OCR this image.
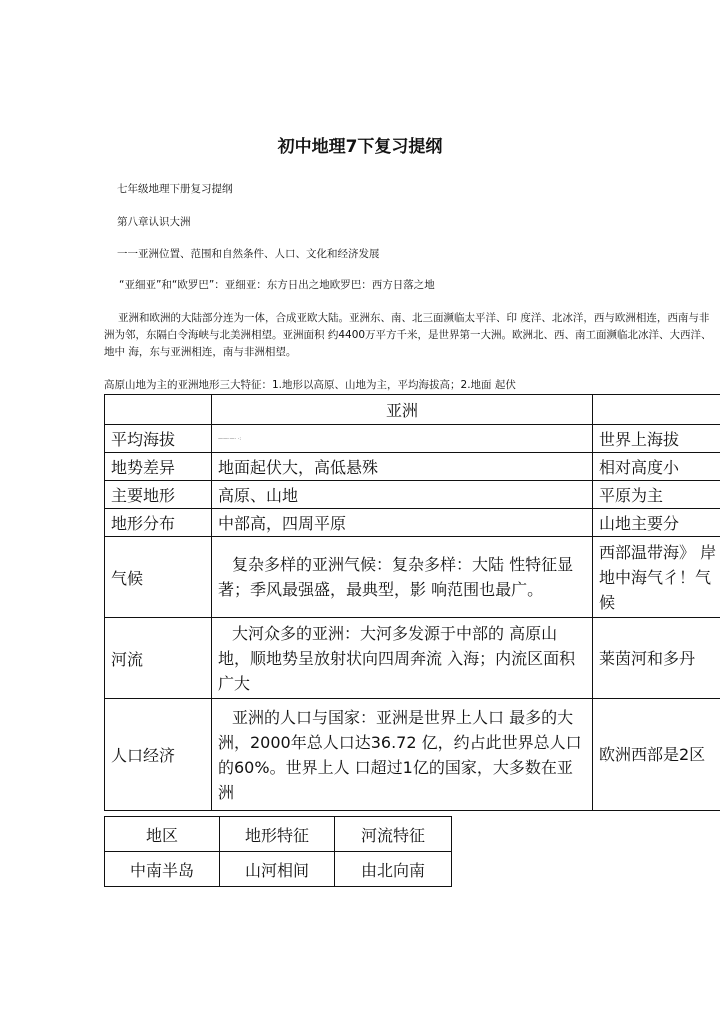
初中地理7下复习提纲
七年级地理下册复习提纲
第八章认识大洲
一一亚洲位置、范围和自然条件、人口、文化和经济发展
“亚细亚”和“欧罗巴”：亚细亚：东方日出之地欧罗巴：西方日落之地
亚洲和欧洲的大陆部分连为一体，合成亚欧大陆。亚洲东、南、北三面濒临太平洋、印 度洋、北冰洋，西与欧洲相连，西南与非洲为邻，东隔白令海峡与北美洲相望。亚洲面积 约4400万平方千米，是世界第一大洲。欧洲北、西、南工面濒临北冰洋、大西洋、地中 海，东与亚洲相连，南与非洲相望。
高原山地为主的亚洲地形三大特征：1.地形以高原、山地为主，平均海拔高；2.地面 起伏
	亚洲	
平均海拔	——·—· ·:	世界上海拔
地势差异	地面起伏大，高低悬殊	相对高度小
主要地形	高原、山地	平原为主
地形分布	中部高，四周平原	山地主要分
气候	复杂多样的亚洲气候：复杂多样：大陆 性特征显著；季风最强盛，最典型，影 响范围也最广。	西部温带海》 岸地中海气彳！气候
河流	大河众多的亚洲：大河多发源于中部的 高原山地，顺地势呈放射状向四周奔流 入海；内流区面积广大	莱茵河和多丹
人口经济	亚洲的人口与国家：亚洲是世界上人口 最多的大洲，2000年总人口达36.72 亿，约占此世界总人口的60%。世界上人 口超过1亿的国家，大多数在亚洲	欧洲西部是2区
地区	地形特征	河流特征
中南半岛	山河相间	由北向南
